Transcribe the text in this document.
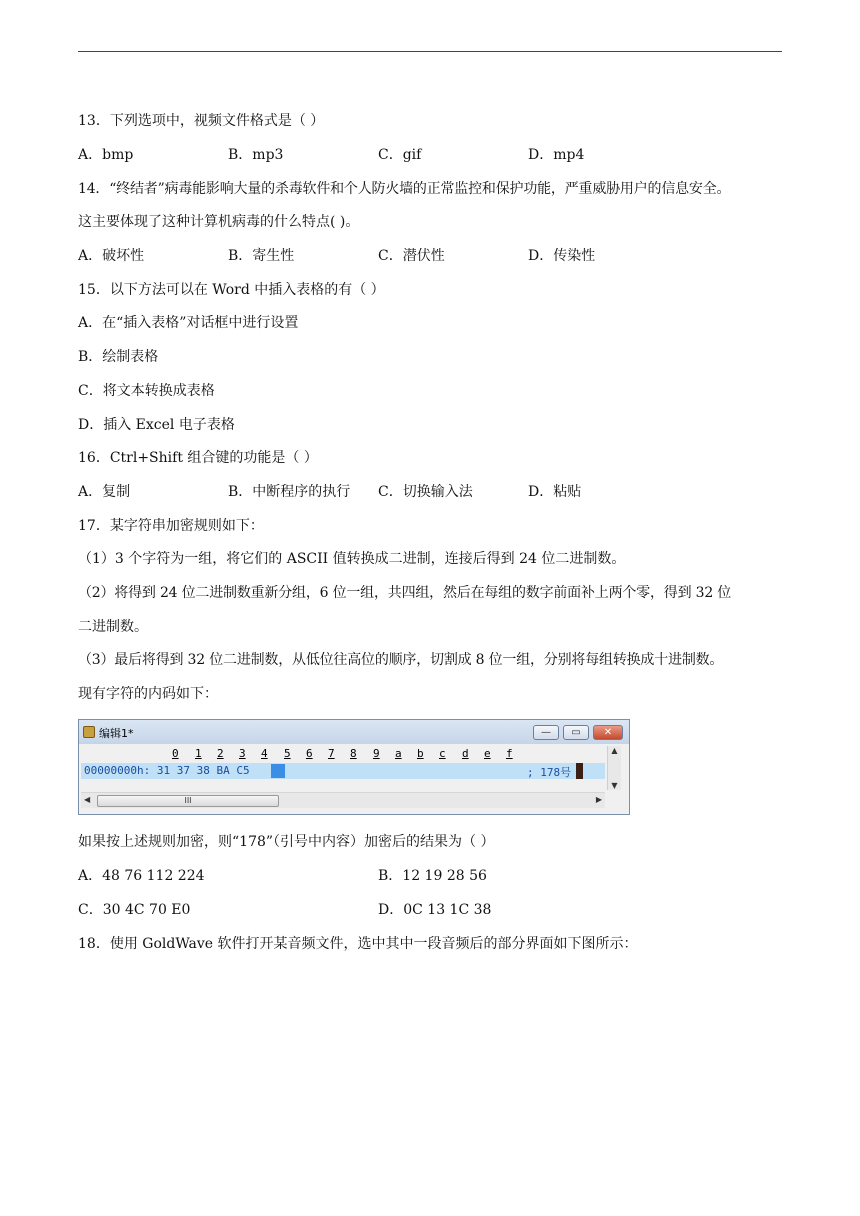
13．下列选项中，视频文件格式是（ ）
A．bmp	B．mp3	C．gif	D．mp4
14．“终结者”病毒能影响大量的杀毒软件和个人防火墙的正常监控和保护功能，严重威胁用户的信息安全。
这主要体现了这种计算机病毒的什么特点( )。
A．破坏性	B．寄生性	C．潜伏性	D．传染性
15．以下方法可以在 Word 中插入表格的有（ ）
A．在“插入表格”对话框中进行设置
B．绘制表格
C．将文本转换成表格
D．插入 Excel 电子表格
16．Ctrl+Shift 组合键的功能是（ ）
A．复制	B．中断程序的执行 C．切换输入法	D．粘贴
17．某字符串加密规则如下：
（1）3 个字符为一组，将它们的 ASCII 值转换成二进制，连接后得到 24 位二进制数。
（2）将得到 24 位二进制数重新分组，6 位一组，共四组，然后在每组的数字前面补上两个零，得到 32 位
二进制数。
（3）最后将得到 32 位二进制数，从低位往高位的顺序，切割成 8 位一组，分别将每组转换成十进制数。
现有字符的内码如下：
编辑1*	—	▭	✕
0 1 2 3 4 5 6 7 8 9 a b c d e f
00000000h: 31 37 38 BA C5	; 178号
▲
▼
◀	III	▶
如果按上述规则加密，则“178”（引号中内容）加密后的结果为（ ）
A．48 76 112 224	B．12 19 28 56
C．30 4C 70 E0	D．0C 13 1C 38
18．使用 GoldWave 软件打开某音频文件，选中其中一段音频后的部分界面如下图所示：
